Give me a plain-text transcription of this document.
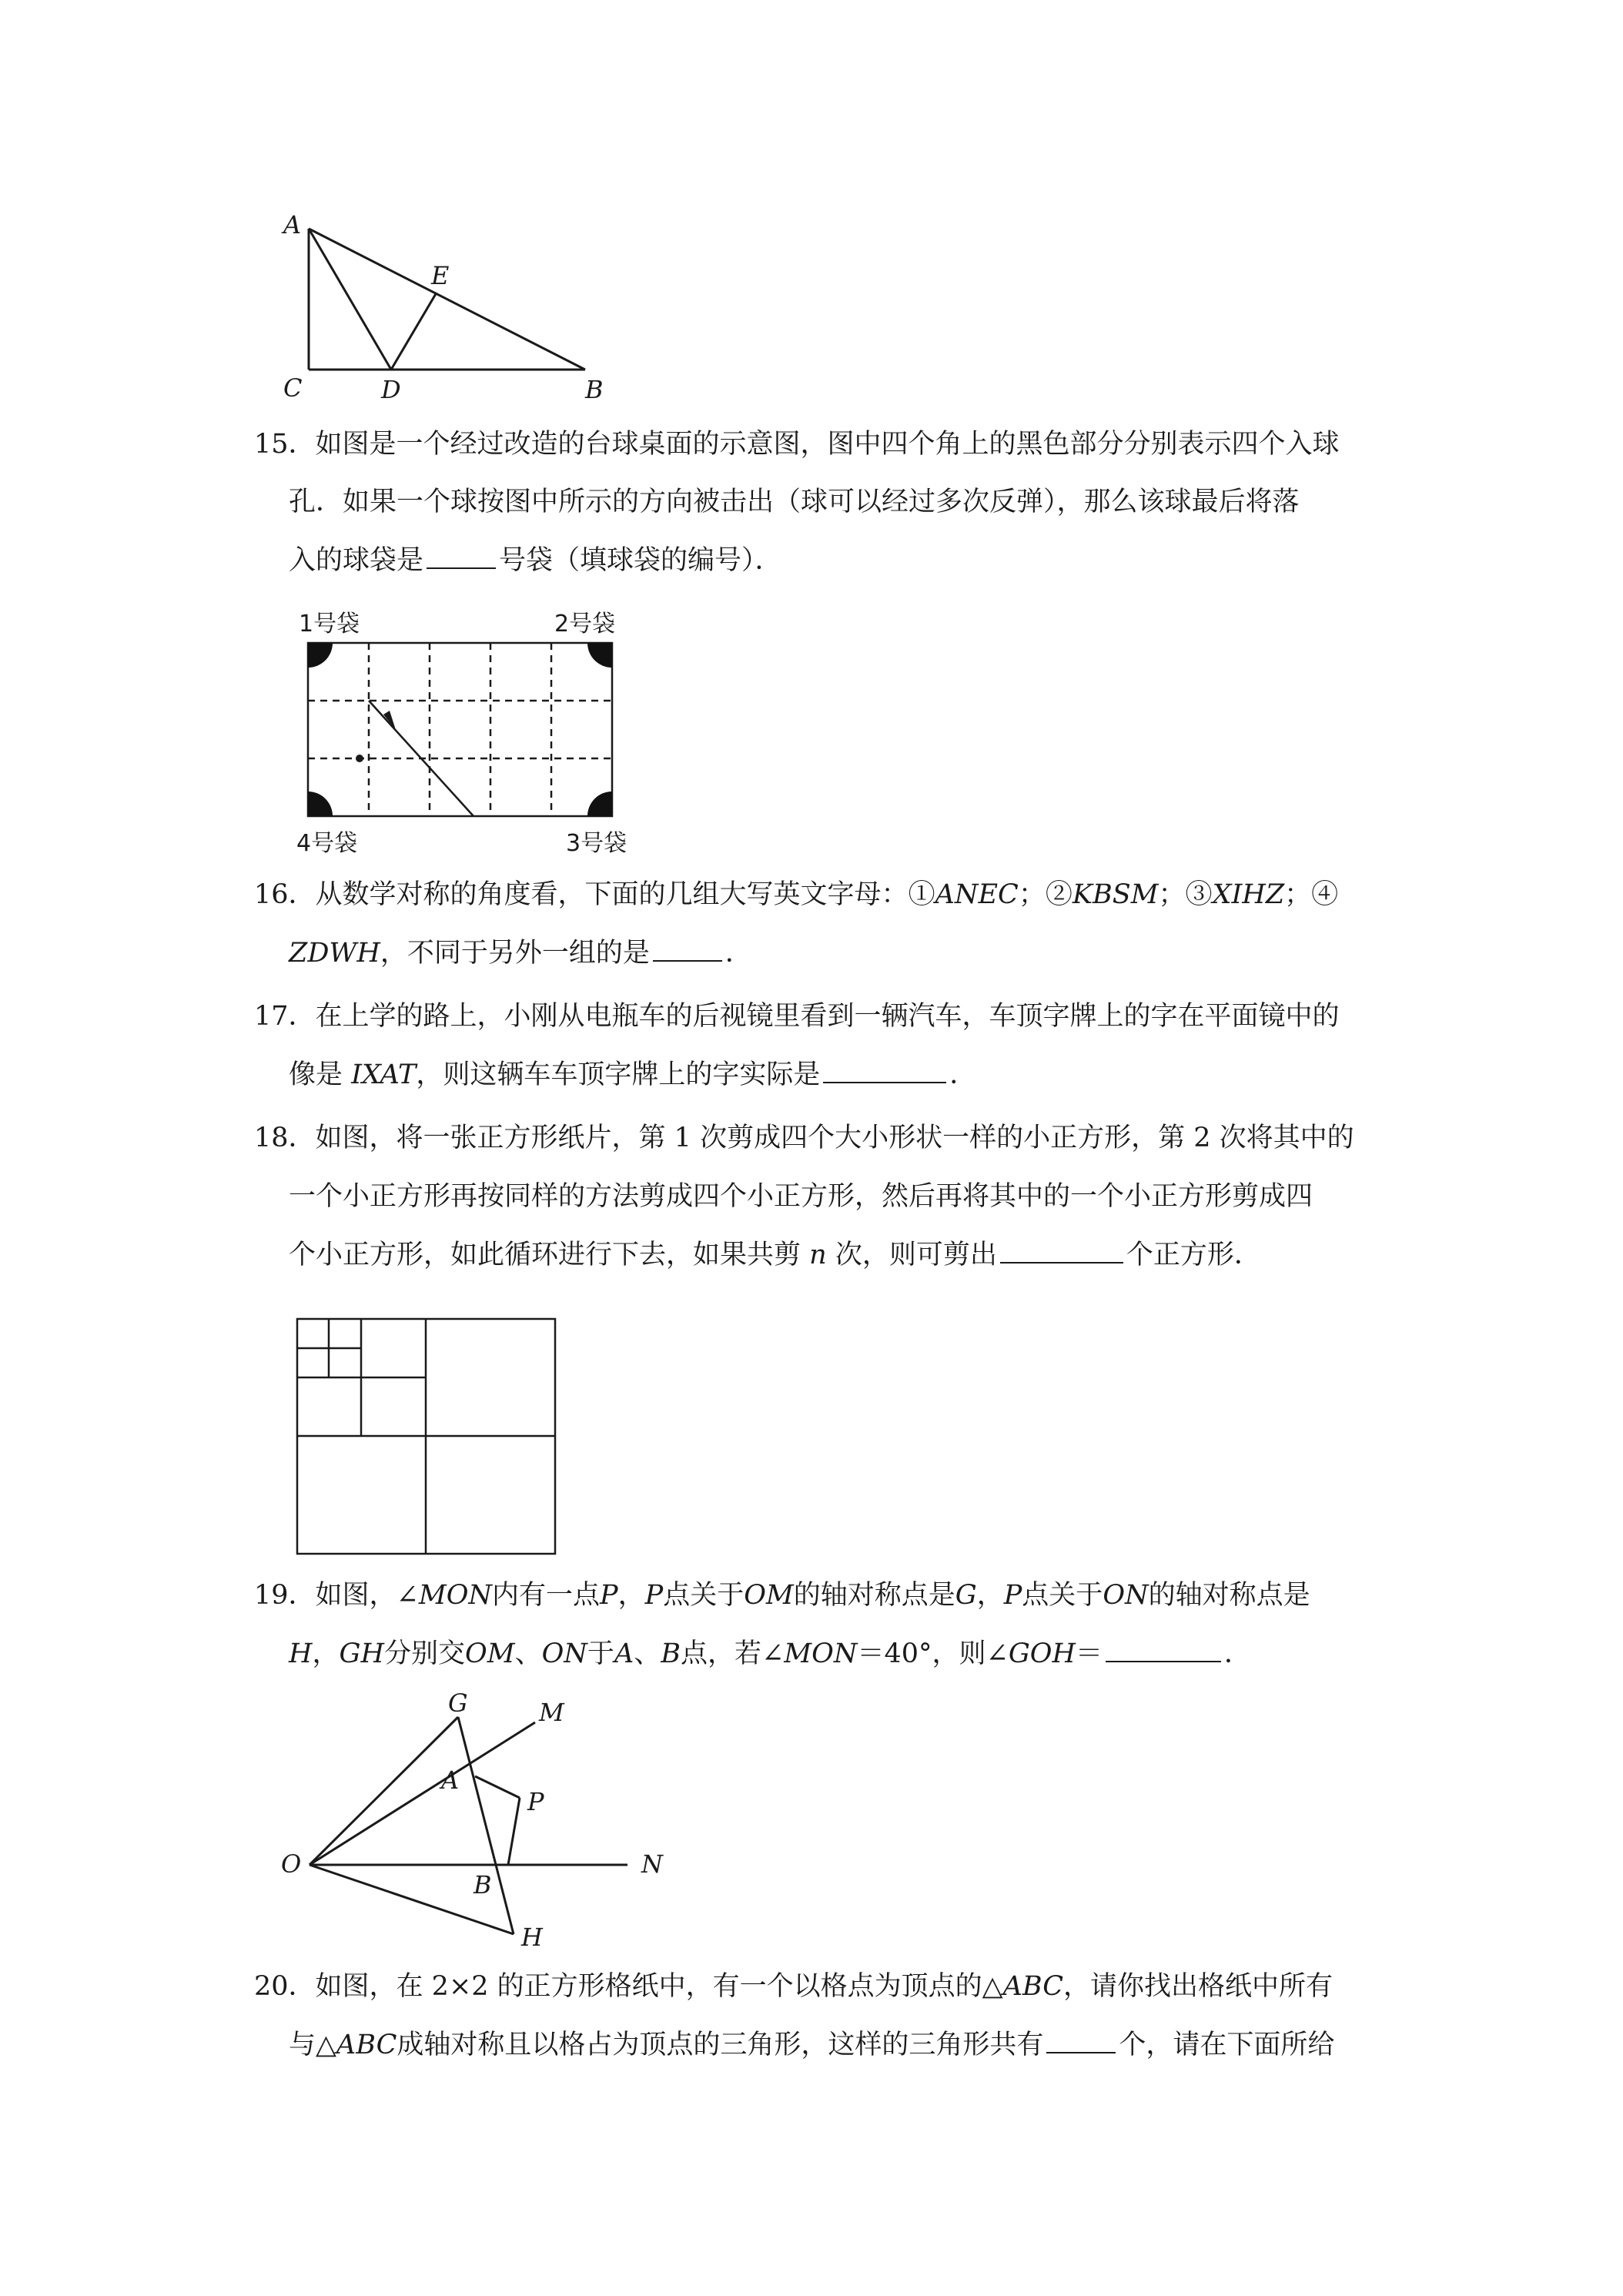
A
C	D
E
B
15．如图是一个经过改造的台球桌面的示意图，图中四个角上的黑色部分分别表示四个入球
孔．如果一个球按图中所示的方向被击出（球可以经过多次反弹），那么该球最后将落
入的球袋是	号袋（填球袋的编号）．
1号袋	2号袋
4号袋	3号袋
16．从数学对称的角度看，下面的几组大写英文字母：①ANEC；②KBSM；③XIHZ；④
ZDWH，不同于另外一组的是	．
17．在上学的路上，小刚从电瓶车的后视镜里看到一辆汽车，车顶字牌上的字在平面镜中的
像是 IXAT，则这辆车车顶字牌上的字实际是	．
18．如图，将一张正方形纸片，第 1 次剪成四个大小形状一样的小正方形，第 2 次将其中的
一个小正方形再按同样的方法剪成四个小正方形，然后再将其中的一个小正方形剪成四
个小正方形，如此循环进行下去，如果共剪 n 次，则可剪出	个正方形．
19．如图，∠MON内有一点P，P点关于OM的轴对称点是G，P点关于ON的轴对称点是
H，GH分别交OM、ON于A、B点，若∠MON＝40°，则∠GOH＝	．
G	M
A
P
O
B
N
H
20．如图，在 2×2 的正方形格纸中，有一个以格点为顶点的△ABC，请你找出格纸中所有
与△ABC成轴对称且以格占为顶点的三角形，这样的三角形共有	个，请在下面所给
